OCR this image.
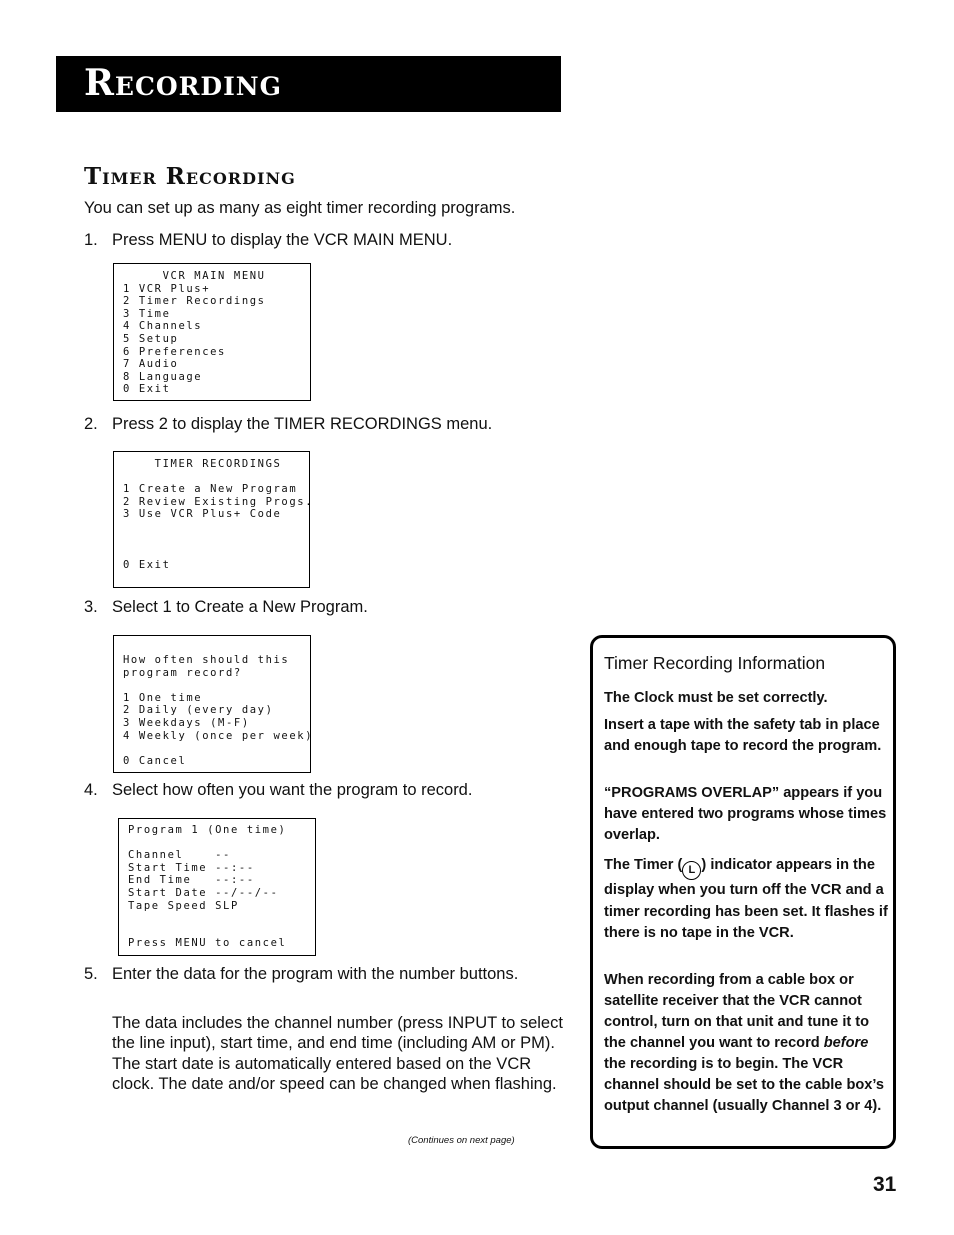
Recording
Timer Recording

You can set up as many as eight timer recording programs.

1. Press MENU to display the VCR MAIN MENU.
VCR MAIN MENU
1 VCR Plus+
2 Timer Recordings
3 Time
4 Channels
5 Setup
6 Preferences
7 Audio
8 Language
0 Exit
2. Press 2 to display the TIMER RECORDINGS menu.
TIMER RECORDINGS
1 Create a New Program
2 Review Existing Progs.
3 Use VCR Plus+ Code
0 Exit
3. Select 1 to Create a New Program.
How often should this
program record?
1 One time
2 Daily (every day)
3 Weekdays (M-F)
4 Weekly (once per week)
0 Cancel
4. Select how often you want the program to record.
Program 1 (One time)
Channel    --
Start Time --:--
End Time   --:--
Start Date --/--/--
Tape Speed SLP
Press MENU to cancel
5. Enter the data for the program with the number buttons.

The data includes the channel number (press INPUT to select the line input), start time, and end time (including AM or PM). The start date is automatically entered based on the VCR clock. The date and/or speed can be changed when flashing.

(Continues on next page)
Timer Recording Information

The Clock must be set correctly.

Insert a tape with the safety tab in place and enough tape to record the program.

“PROGRAMS OVERLAP” appears if you have entered two programs whose times overlap.

The Timer ( L ) indicator appears in the display when you turn off the VCR and a timer recording has been set. It flashes if there is no tape in the VCR.

When recording from a cable box or satellite receiver that the VCR cannot control, turn on that unit and tune it to the channel you want to record before the recording is to begin. The VCR channel should be set to the cable box’s output channel (usually Channel 3 or 4).

31
